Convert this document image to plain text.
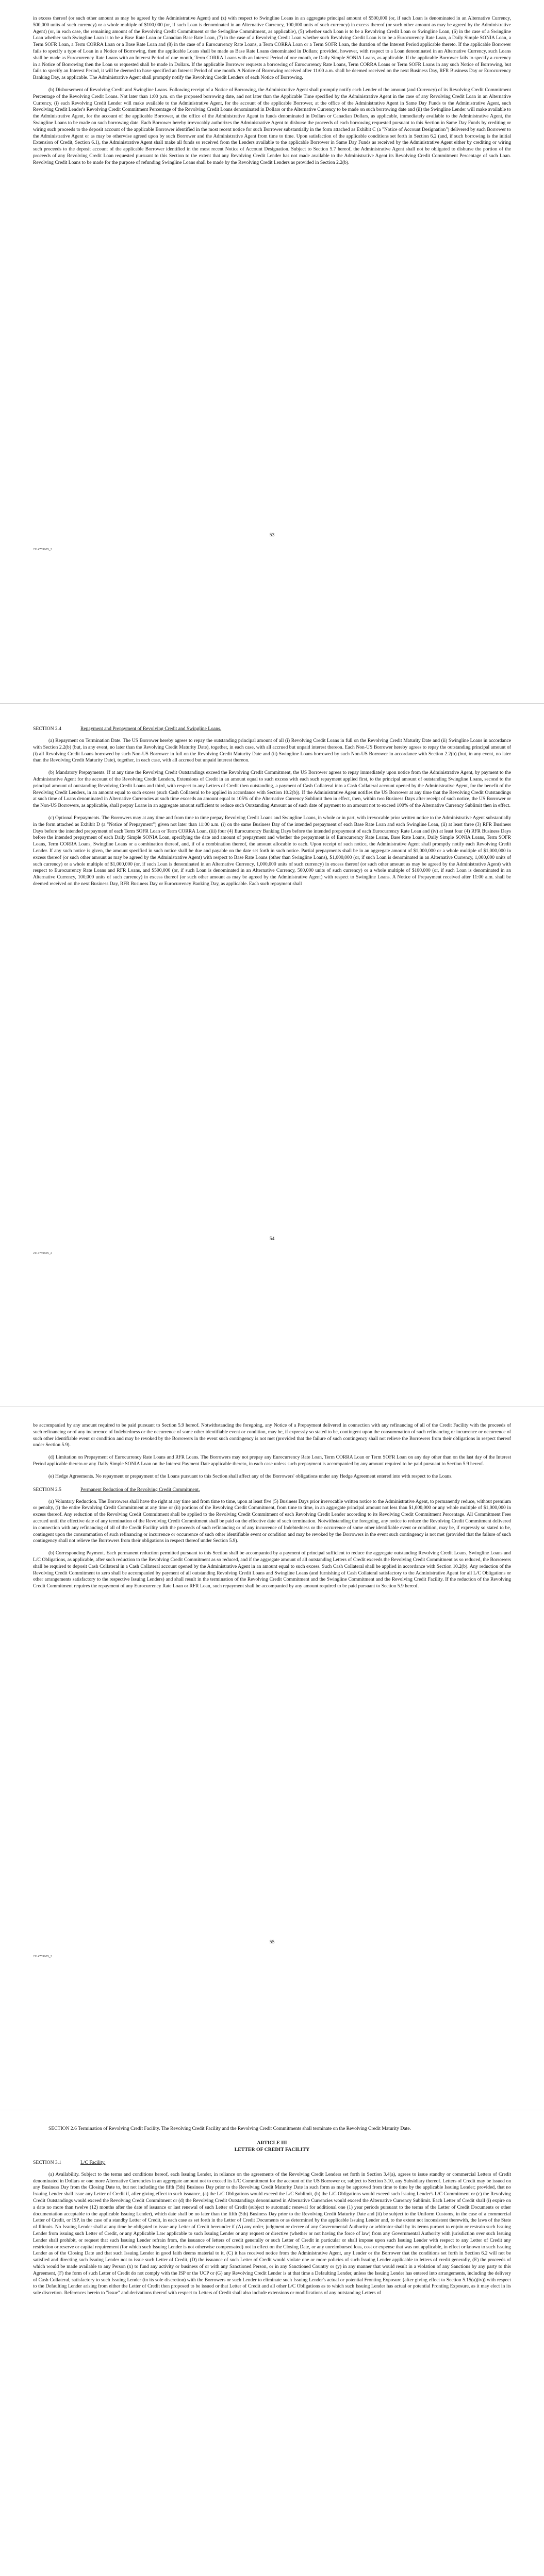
in excess thereof (or such other amount as may be agreed by the Administrative Agent) and (z) with respect to Swingline Loans in an aggregate principal amount of $500,000 (or, if such Loan is denominated in an Alternative Currency, 500,000 units of such currency) or a whole multiple of $100,000 (or, if such Loan is denominated in an Alternative Currency, 100,000 units of such currency) in excess thereof (or such other amount as may be agreed by the Administrative Agent) (or, in each case, the remaining amount of the Revolving Credit Commitment or the Swingline Commitment, as applicable), (5) whether such Loan is to be a Revolving Credit Loan or Swingline Loan, (6) in the case of a Swingline Loan whether such Swingline Loan is to be a Base Rate Loan or Canadian Base Rate Loan, (7) in the case of a Revolving Credit Loan whether such Revolving Credit Loan is to be a Eurocurrency Rate Loan, a Daily Simple SONIA Loan, a Term SOFR Loan, a Term CORRA Loan or a Base Rate Loan and (8) in the case of a Eurocurrency Rate Loans, a Term CORRA Loan or a Term SOFR Loan, the duration of the Interest Period applicable thereto. If the applicable Borrower fails to specify a type of Loan in a Notice of Borrowing, then the applicable Loans shall be made as Base Rate Loans denominated in Dollars; provided, however, with respect to a Loan denominated in an Alternative Currency, such Loans shall be made as Eurocurrency Rate Loans with an Interest Period of one month, Term CORRA Loans with an Interest Period of one month, or Daily Simple SONIA Loans, as applicable. If the applicable Borrower fails to specify a currency in a Notice of Borrowing then the Loan so requested shall be made in Dollars. If the applicable Borrower requests a borrowing of Eurocurrency Rate Loans, Term CORRA Loans or Term SOFR Loans in any such Notice of Borrowing, but fails to specify an Interest Period, it will be deemed to have specified an Interest Period of one month. A Notice of Borrowing received after 11:00 a.m. shall be deemed received on the next Business Day, RFR Business Day or Eurocurrency Banking Day, as applicable. The Administrative Agent shall promptly notify the Revolving Credit Lenders of each Notice of Borrowing.

(b) Disbursement of Revolving Credit and Swingline Loans. Following receipt of a Notice of Borrowing, the Administrative Agent shall promptly notify each Lender of the amount (and Currency) of its Revolving Credit Commitment Percentage of the Revolving Credit Loans. Not later than 1:00 p.m. on the proposed borrowing date, and not later than the Applicable Time specified by the Administrative Agent in the case of any Revolving Credit Loan in an Alternative Currency, (i) each Revolving Credit Lender will make available to the Administrative Agent, for the account of the applicable Borrower, at the office of the Administrative Agent in Same Day Funds to the Administrative Agent, such Revolving Credit Lender's Revolving Credit Commitment Percentage of the Revolving Credit Loans denominated in Dollars or the Alternative Currency to be made on such borrowing date and (ii) the Swingline Lender will make available to the Administrative Agent, for the account of the applicable Borrower, at the office of the Administrative Agent in funds denominated in Dollars or Canadian Dollars, as applicable, immediately available to the Administrative Agent, the Swingline Loans to be made on such borrowing date. Each Borrower hereby irrevocably authorizes the Administrative Agent to disburse the proceeds of each borrowing requested pursuant to this Section in Same Day Funds by crediting or wiring such proceeds to the deposit account of the applicable Borrower identified in the most recent notice for such Borrower substantially in the form attached as Exhibit C (a "Notice of Account Designation") delivered by such Borrower to the Administrative Agent or as may be otherwise agreed upon by such Borrower and the Administrative Agent from time to time. Upon satisfaction of the applicable conditions set forth in Section 6.2 (and, if such borrowing is the initial Extension of Credit, Section 6.1), the Administrative Agent shall make all funds so received from the Lenders available to the applicable Borrower in Same Day Funds as received by the Administrative Agent either by crediting or wiring such proceeds to the deposit account of the applicable Borrower identified in the most recent Notice of Account Designation. Subject to Section 5.7 hereof, the Administrative Agent shall not be obligated to disburse the portion of the proceeds of any Revolving Credit Loan requested pursuant to this Section to the extent that any Revolving Credit Lender has not made available to the Administrative Agent its Revolving Credit Commitment Percentage of such Loan. Revolving Credit Loans to be made for the purpose of refunding Swingline Loans shall be made by the Revolving Credit Lenders as provided in Section 2.2(b).

53
2114759605_2
SECTION 2.4	Repayment and Prepayment of Revolving Credit and Swingline Loans.

(a) Repayment on Termination Date. The US Borrower hereby agrees to repay the outstanding principal amount of all (i) Revolving Credit Loans in full on the Revolving Credit Maturity Date and (ii) Swingline Loans in accordance with Section 2.2(b) (but, in any event, no later than the Revolving Credit Maturity Date), together, in each case, with all accrued but unpaid interest thereon. Each Non-US Borrower hereby agrees to repay the outstanding principal amount of (i) all Revolving Credit Loans borrowed by such Non-US Borrower in full on the Revolving Credit Maturity Date and (ii) Swingline Loans borrowed by such Non-US Borrower in accordance with Section 2.2(b) (but, in any event, no later than the Revolving Credit Maturity Date), together, in each case, with all accrued but unpaid interest thereon.

(b) Mandatory Prepayments. If at any time the Revolving Credit Outstandings exceed the Revolving Credit Commitment, the US Borrower agrees to repay immediately upon notice from the Administrative Agent, by payment to the Administrative Agent for the account of the Revolving Credit Lenders, Extensions of Credit in an amount equal to such excess with each such repayment applied first, to the principal amount of outstanding Swingline Loans, second to the principal amount of outstanding Revolving Credit Loans and third, with respect to any Letters of Credit then outstanding, a payment of Cash Collateral into a Cash Collateral account opened by the Administrative Agent, for the benefit of the Revolving Credit Lenders, in an amount equal to such excess (such Cash Collateral to be applied in accordance with Section 10.2(b)). If the Administrative Agent notifies the US Borrower at any time that the Revolving Credit Outstandings at such time of Loans denominated in Alternative Currencies at such time exceeds an amount equal to 105% of the Alternative Currency Sublimit then in effect, then, within two Business Days after receipt of such notice, the US Borrower or the Non-US Borrowers, as applicable, shall prepay Loans in an aggregate amount sufficient to reduce such Outstanding Amount as of such date of payment to an amount not to exceed 100% of the Alternative Currency Sublimit then in effect.

(c) Optional Prepayments. The Borrowers may at any time and from time to time prepay Revolving Credit Loans and Swingline Loans, in whole or in part, with irrevocable prior written notice to the Administrative Agent substantially in the form attached as Exhibit D (a "Notice of Prepayment") given not later than 11:00 a.m. (i) on the same Business Day of the intended prepayment of each Base Rate Loan and each Swingline Loan, (ii) at least three (3) RFR Business Days before the intended prepayment of each Term SOFR Loan or Term CORRA Loan, (iii) four (4) Eurocurrency Banking Days before the intended prepayment of each Eurocurrency Rate Loan and (iv) at least four (4) RFR Business Days before the intended prepayment of each Daily Simple SONIA Loan, specifying the date and amount of prepayment and whether the prepayment is of Eurocurrency Rate Loans, Base Rate Loans, Daily Simple SONIA Loans, Term SOFR Loans, Term CORRA Loans, Swingline Loans or a combination thereof, and, if of a combination thereof, the amount allocable to each. Upon receipt of such notice, the Administrative Agent shall promptly notify each Revolving Credit Lender. If any such notice is given, the amount specified in such notice shall be due and payable on the date set forth in such notice. Partial prepayments shall be in an aggregate amount of $1,000,000 or a whole multiple of $1,000,000 in excess thereof (or such other amount as may be agreed by the Administrative Agent) with respect to Base Rate Loans (other than Swingline Loans), $1,000,000 (or, if such Loan is denominated in an Alternative Currency, 1,000,000 units of such currency) or a whole multiple of $1,000,000 (or, if such Loan is denominated in an Alternative Currency, 1,000,000 units of such currency) in excess thereof (or such other amount as may be agreed by the Administrative Agent) with respect to Eurocurrency Rate Loans and RFR Loans, and $500,000 (or, if such Loan is denominated in an Alternative Currency, 500,000 units of such currency) or a whole multiple of $100,000 (or, if such Loan is denominated in an Alternative Currency, 100,000 units of such currency) in excess thereof (or such other amount as may be agreed by the Administrative Agent) with respect to Swingline Loans. A Notice of Prepayment received after 11:00 a.m. shall be deemed received on the next Business Day, RFR Business Day or Eurocurrency Banking Day, as applicable. Each such repayment shall

54
2114759605_2

be accompanied by any amount required to be paid pursuant to Section 5.9 hereof. Notwithstanding the foregoing, any Notice of a Prepayment delivered in connection with any refinancing of all of the Credit Facility with the proceeds of such refinancing or of any incurrence of Indebtedness or the occurrence of some other identifiable event or condition, may be, if expressly so stated to be, contingent upon the consummation of such refinancing or incurrence or occurrence of such other identifiable event or condition and may be revoked by the Borrowers in the event such contingency is not met (provided that the failure of such contingency shall not relieve the Borrowers from their obligations in respect thereof under Section 5.9).

(d) Limitation on Prepayment of Eurocurrency Rate Loans and RFR Loans. The Borrowers may not prepay any Eurocurrency Rate Loan, Term CORRA Loan or Term SOFR Loan on any day other than on the last day of the Interest Period applicable thereto or any Daily Simple SONIA Loan on the Interest Payment Date applicable thereto, in each case unless such prepayment is accompanied by any amount required to be paid pursuant to Section 5.9 hereof.

(e) Hedge Agreements. No repayment or prepayment of the Loans pursuant to this Section shall affect any of the Borrowers' obligations under any Hedge Agreement entered into with respect to the Loans.

SECTION 2.5	Permanent Reduction of the Revolving Credit Commitment.

(a) Voluntary Reduction. The Borrowers shall have the right at any time and from time to time, upon at least five (5) Business Days prior irrevocable written notice to the Administrative Agent, to permanently reduce, without premium or penalty, (i) the entire Revolving Credit Commitment at any time or (ii) portions of the Revolving Credit Commitment, from time to time, in an aggregate principal amount not less than $1,000,000 or any whole multiple of $1,000,000 in excess thereof. Any reduction of the Revolving Credit Commitment shall be applied to the Revolving Credit Commitment of each Revolving Credit Lender according to its Revolving Credit Commitment Percentage. All Commitment Fees accrued until the effective date of any termination of the Revolving Credit Commitment shall be paid on the effective date of such termination. Notwithstanding the foregoing, any notice to reduce the Revolving Credit Commitment delivered in connection with any refinancing of all of the Credit Facility with the proceeds of such refinancing or of any incurrence of Indebtedness or the occurrence of some other identifiable event or condition, may be, if expressly so stated to be, contingent upon the consummation of such refinancing or incurrence or occurrence of such other identifiable event or condition and may be revoked by the Borrowers in the event such contingency is not met (provided that the failure of such contingency shall not relieve the Borrowers from their obligations in respect thereof under Section 5.9).

(b) Corresponding Payment. Each permanent reduction permitted pursuant to this Section shall be accompanied by a payment of principal sufficient to reduce the aggregate outstanding Revolving Credit Loans, Swingline Loans and L/C Obligations, as applicable, after such reduction to the Revolving Credit Commitment as so reduced, and if the aggregate amount of all outstanding Letters of Credit exceeds the Revolving Credit Commitment as so reduced, the Borrowers shall be required to deposit Cash Collateral in a Cash Collateral account opened by the Administrative Agent in an amount equal to such excess. Such Cash Collateral shall be applied in accordance with Section 10.2(b). Any reduction of the Revolving Credit Commitment to zero shall be accompanied by payment of all outstanding Revolving Credit Loans and Swingline Loans (and furnishing of Cash Collateral satisfactory to the Administrative Agent for all L/C Obligations or other arrangements satisfactory to the respective Issuing Lenders) and shall result in the termination of the Revolving Credit Commitment and the Swingline Commitment and the Revolving Credit Facility. If the reduction of the Revolving Credit Commitment requires the repayment of any Eurocurrency Rate Loan or RFR Loan, such repayment shall be accompanied by any amount required to be paid pursuant to Section 5.9 hereof.

55
2114759605_2

SECTION 2.6 Termination of Revolving Credit Facility. The Revolving Credit Facility and the Revolving Credit Commitments shall terminate on the Revolving Credit Maturity Date.

ARTICLE III
LETTER OF CREDIT FACILITY
SECTION 3.1	L/C Facility.

(a) Availability. Subject to the terms and conditions hereof, each Issuing Lender, in reliance on the agreements of the Revolving Credit Lenders set forth in Section 3.4(a), agrees to issue standby or commercial Letters of Credit denominated in Dollars or one more Alternative Currencies in an aggregate amount not to exceed its L/C Commitment for the account of the US Borrower or, subject to Section 3.10, any Subsidiary thereof. Letters of Credit may be issued on any Business Day from the Closing Date to, but not including the fifth (5th) Business Day prior to the Revolving Credit Maturity Date in such form as may be approved from time to time by the applicable Issuing Lender; provided, that no Issuing Lender shall issue any Letter of Credit if, after giving effect to such issuance, (a) the L/C Obligations would exceed the L/C Sublimit, (b) the L/C Obligations would exceed such Issuing Lender's L/C Commitment or (c) the Revolving Credit Outstandings would exceed the Revolving Credit Commitment or (d) the Revolving Credit Outstandings denominated in Alternative Currencies would exceed the Alternative Currency Sublimit. Each Letter of Credit shall (i) expire on a date no more than twelve (12) months after the date of issuance or last renewal of such Letter of Credit (subject to automatic renewal for additional one (1) year periods pursuant to the terms of the Letter of Credit Documents or other documentation acceptable to the applicable Issuing Lender), which date shall be no later than the fifth (5th) Business Day prior to the Revolving Credit Maturity Date and (ii) be subject to the Uniform Customs, in the case of a commercial Letter of Credit, or ISP, in the case of a standby Letter of Credit, in each case as set forth in the Letter of Credit Documents or as determined by the applicable Issuing Lender and, to the extent not inconsistent therewith, the laws of the State of Illinois. No Issuing Lender shall at any time be obligated to issue any Letter of Credit hereunder if (A) any order, judgment or decree of any Governmental Authority or arbitrator shall by its terms purport to enjoin or restrain such Issuing Lender from issuing such Letter of Credit, or any Applicable Law applicable to such Issuing Lender or any request or directive (whether or not having the force of law) from any Governmental Authority with jurisdiction over such Issuing Lender shall prohibit, or request that such Issuing Lender refrain from, the issuance of letters of credit generally or such Letter of Credit in particular or shall impose upon such Issuing Lender with respect to any Letter of Credit any restriction or reserve or capital requirement (for which such Issuing Lender is not otherwise compensated) not in effect on the Closing Date, or any unreimbursed loss, cost or expense that was not applicable, in effect or known to such Issuing Lender as of the Closing Date and that such Issuing Lender in good faith deems material to it, (C) it has received notice from the Administrative Agent, any Lender or the Borrower that the conditions set forth in Section 6.2 will not be satisfied and directing such Issuing Lender not to issue such Letter of Credit, (D) the issuance of such Letter of Credit would violate one or more policies of such Issuing Lender applicable to letters of credit generally, (E) the proceeds of which would be made available to any Person (x) to fund any activity or business of or with any Sanctioned Person, or in any Sanctioned Country or (y) in any manner that would result in a violation of any Sanctions by any party to this Agreement, (F) the form of such Letter of Credit do not comply with the ISP or the UCP or (G) any Revolving Credit Lender is at that time a Defaulting Lender, unless the Issuing Lender has entered into arrangements, including the delivery of Cash Collateral, satisfactory to such Issuing Lender (in its sole discretion) with the Borrowers or such Lender to eliminate such Issuing Lender's actual or potential Fronting Exposure (after giving effect to Section 5.15(a)(iv)) with respect to the Defaulting Lender arising from either the Letter of Credit then proposed to be issued or that Letter of Credit and all other L/C Obligations as to which such Issuing Lender has actual or potential Fronting Exposure, as it may elect in its sole discretion. References herein to "issue" and derivations thereof with respect to Letters of Credit shall also include extensions or modifications of any outstanding Letters of
